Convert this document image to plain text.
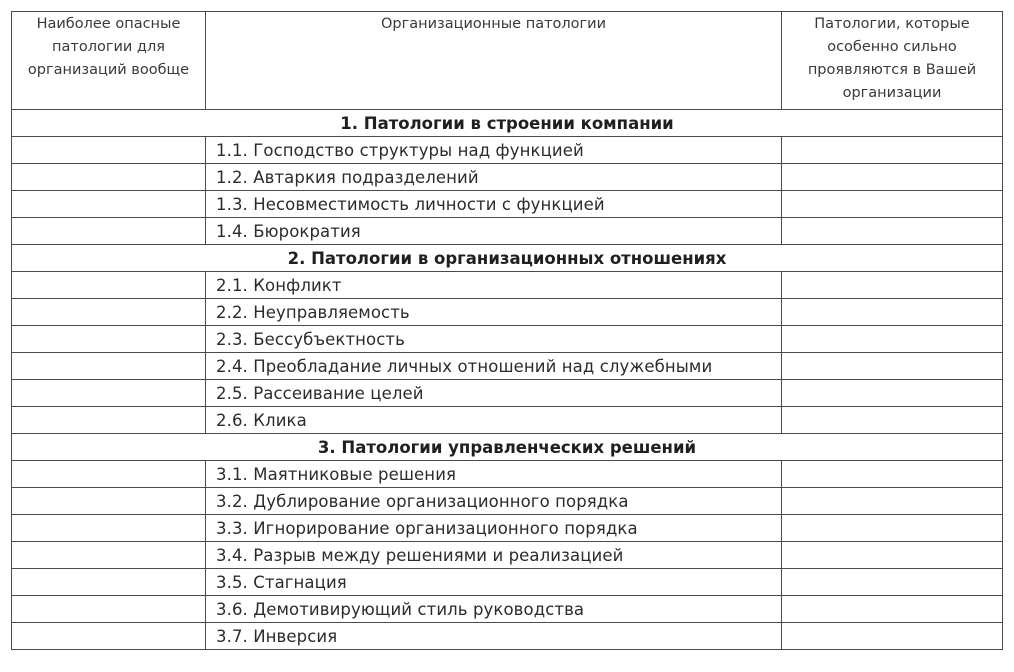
Наиболее опасные патологии для организаций вообще	Организационные патологии	Патологии, которые особенно сильно проявляются в Вашей организации
1. Патологии в строении компании		
	1.1. Господство структуры над функцией	
	1.2. Автаркия подразделений	
	1.3. Несовместимость личности с функцией	
	1.4. Бюрократия	
2. Патологии в организационных отношениях		
	2.1. Конфликт	
	2.2. Неуправляемость	
	2.3. Бессубъектность	
	2.4. Преобладание личных отношений над служебными	
	2.5. Рассеивание целей	
	2.6. Клика	
3. Патологии управленческих решений		
	3.1. Маятниковые решения	
	3.2. Дублирование организационного порядка	
	3.3. Игнорирование организационного порядка	
	3.4. Разрыв между решениями и реализацией	
	3.5. Стагнация	
	3.6. Демотивирующий стиль руководства	
	3.7. Инверсия	
